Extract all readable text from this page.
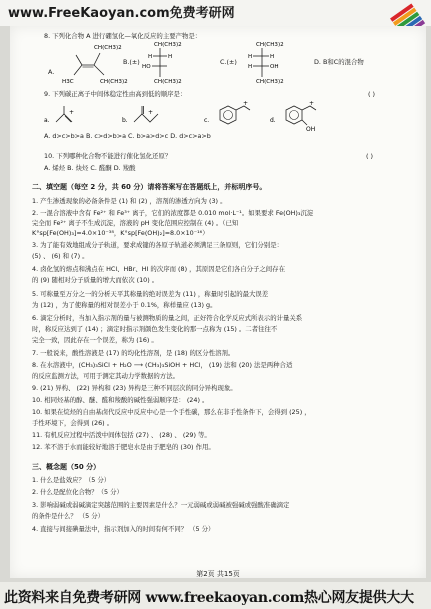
www.FreeKaoyan.com免费考研网
8. 下列化合物 A 进行硼氢化—氧化反应的主要产物是：
A.
CH(CH3)2
H3C	CH(CH3)2
B.(±)
CH(CH3)2
H	H
HO
CH(CH3)2
C.(±)
CH(CH3)2
H	H
H	OH
CH(CH3)2
D. B和C的混合物
9. 下列碳正离子中间体稳定性由高到低的顺序是：
a.
+
b.
+
c.
+
d.
+
OH
A. d>c>b>a B. c>d>b>a C. b>a>d>c D. d>c>a>b
( )
10. 下列哪种化合物不能进行催化氢化还原？	( )
A. 烯烃 B. 炔烃 C. 醛酮 D. 羧酸
二、填空题（每空 2 分，共 60 分）请将答案写在答题纸上，并标明序号。
1. 产生渗透现象的必备条件是 (1) 和 (2) ，溶剂的渗透方向为 (3) 。
2. 一混合溶液中含有 Fe²⁺ 和 Fe³⁺ 离子，它们的浓度都是 0.010 mol·L⁻¹。如果要求 Fe(OH)₃沉淀
完全而 Fe²⁺ 离子不生成沉淀，溶液的 pH 变化范围应控制在 (4) 。（已知
K°sp[Fe(OH)₃]=4.0×10⁻³⁸，K°sp[Fe(OH)₂]=8.0×10⁻¹⁶）
3. 为了能有效地组成分子轨道，要求成键的各原子轨道必须满足三条原则，它们分别是：
(5) 、 (6) 和 (7) 。
4. 卤化氢的熔点和沸点在 HCl、HBr、HI 的次序而 (8) ，其原因是它们各自分子之间存在
的 (9) 随相对分子质量的增大而依次 (10) 。
5. 可称量至万分之一的分析天平其称量的绝对误差为 (11) ，称量时引起的最大误差
为 (12) ，为了使称量的相对误差小于 0.1%，称样量应 (13) g。
6. 滴定分析时，当加入指示剂的量与被测物质的量之间，正好符合化学反应式所表示的计量关系
时，称反应达到了 (14) ；滴定时指示剂颜色发生变化的那一点称为 (15) 。二者往往不
完全一致，因此存在一个误差，称为 (16) 。
7. 一般说来，酸性溶液是 (17) 的均化性溶剂，是 (18) 的区分性溶剂。
8. 在水溶液中，(CH₃)₃SiCl + H₂O ⟶ (CH₃)₃SiOH + HCl， (19) 法和 (20) 法是两种合适
的反应监测方法，可用于测定其动力学数据的方法。
9. (21) 异构、 (22) 异构和 (23) 异构是三种不同层次的同分异构现象。
10. 相同烃基的醇、醚、醛和羧酸的碱性强弱顺序是： (24) 。
10. 如果在烷烃的自由基卤代反应中反应中心是一个手性碳，那么在非手性条件下，会得到 (25) ，
手性环境下，会得到 (26) 。
11. 有机反应过程中活泼中间体包括 (27) 、 (28) 、 (29) 等。
12. 苯不溶于水而能较好地溶于肥皂水是由于肥皂的 (30) 作用。
三、概念题（50 分）
1. 什么是盐效应？（5 分）
2. 什么是配位化合物？（5 分）
3. 影响弱碱或弱碱滴定突越范围的主要因素是什么？一元弱碱或弱碱被强碱或强酸准确滴定
的条件是什么？ （5 分）
4. 直接与间接碘量法中，指示剂加入的时间有何不同？ （5 分）
第2页 共15页
此资料来自免费考研网 www.freekaoyan.com热心网友提供大大
